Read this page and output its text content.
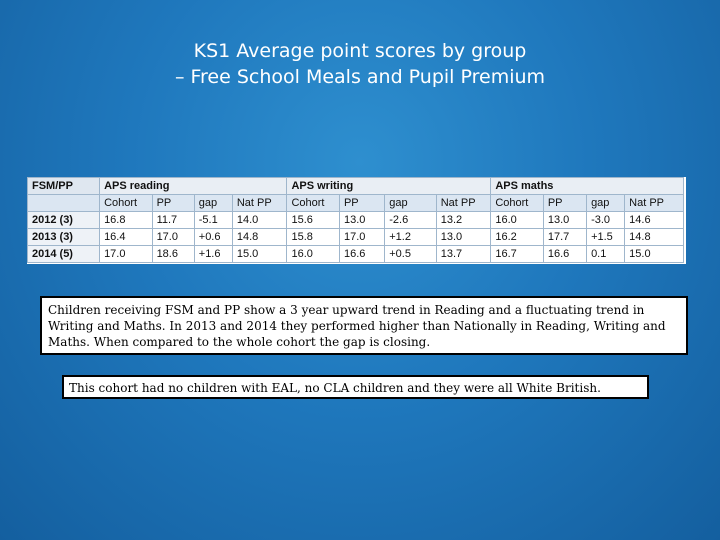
KS1 Average point scores by group
– Free School Meals and Pupil Premium
FSM/PP	APS reading				APS writing				APS maths			
	Cohort	PP	gap	Nat PP	Cohort	PP	gap	Nat PP	Cohort	PP	gap	Nat PP
2012 (3)	16.8	11.7	-5.1	14.0	15.6	13.0	-2.6	13.2	16.0	13.0	-3.0	14.6
2013 (3)	16.4	17.0	+0.6	14.8	15.8	17.0	+1.2	13.0	16.2	17.7	+1.5	14.8
2014 (5)	17.0	18.6	+1.6	15.0	16.0	16.6	+0.5	13.7	16.7	16.6	0.1	15.0
Children receiving FSM and PP show a 3 year upward trend in Reading and a fluctuating trend in Writing and Maths. In 2013 and 2014 they performed higher than Nationally in Reading, Writing and Maths. When compared to the whole cohort the gap is closing.
This cohort had no children with EAL, no CLA children and they were all White British.
